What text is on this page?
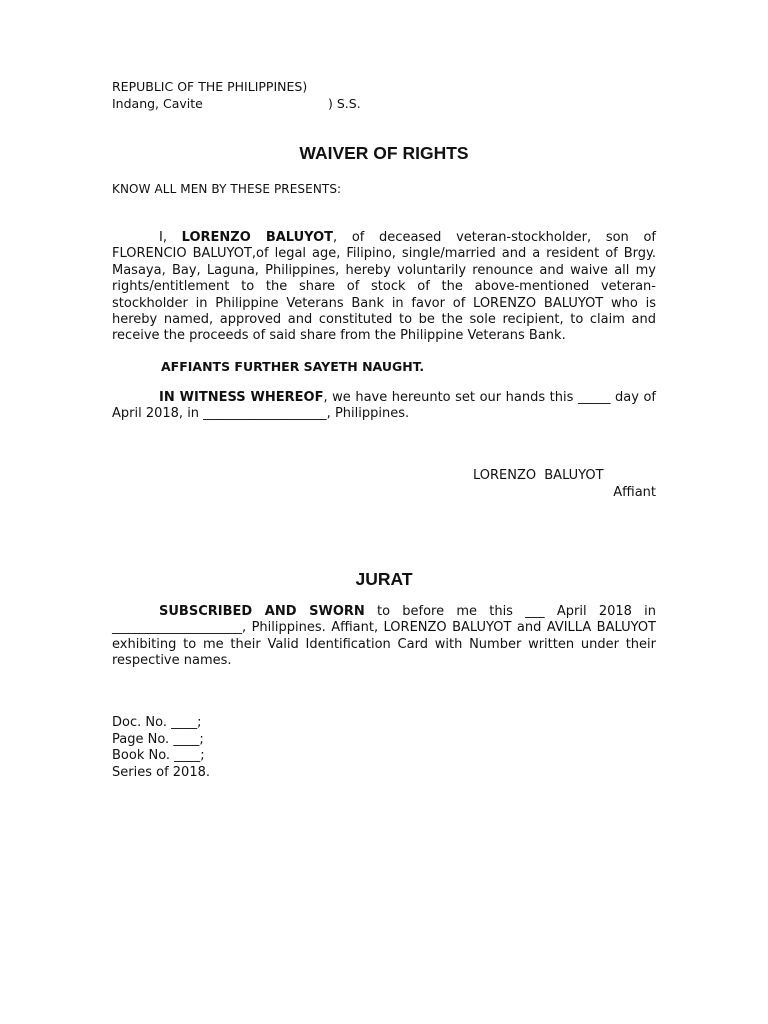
REPUBLIC OF THE PHILIPPINES)
Indang, Cavite	) S.S.
WAIVER OF RIGHTS
KNOW ALL MEN BY THESE PRESENTS:
I, LORENZO BALUYOT, of deceased veteran-stockholder, son of FLORENCIO BALUYOT,of legal age, Filipino, single/married and a resident of Brgy. Masaya, Bay, Laguna, Philippines, hereby voluntarily renounce and waive all my rights/entitlement to the share of stock of the above-mentioned veteran-stockholder in Philippine Veterans Bank in favor of LORENZO BALUYOT who is hereby named, approved and constituted to be the sole recipient, to claim and receive the proceeds of said share from the Philippine Veterans Bank.
AFFIANTS FURTHER SAYETH NAUGHT.
IN WITNESS WHEREOF, we have hereunto set our hands this _____ day of April 2018, in ___________________, Philippines.
LORENZO BALUYOT
Affiant
JURAT
SUBSCRIBED AND SWORN to before me this ___ April 2018 in ____________________, Philippines. Affiant, LORENZO BALUYOT and AVILLA BALUYOT exhibiting to me their Valid Identification Card with Number written under their respective names.
Doc. No. ____;
Page No. ____;
Book No. ____;
Series of 2018.
